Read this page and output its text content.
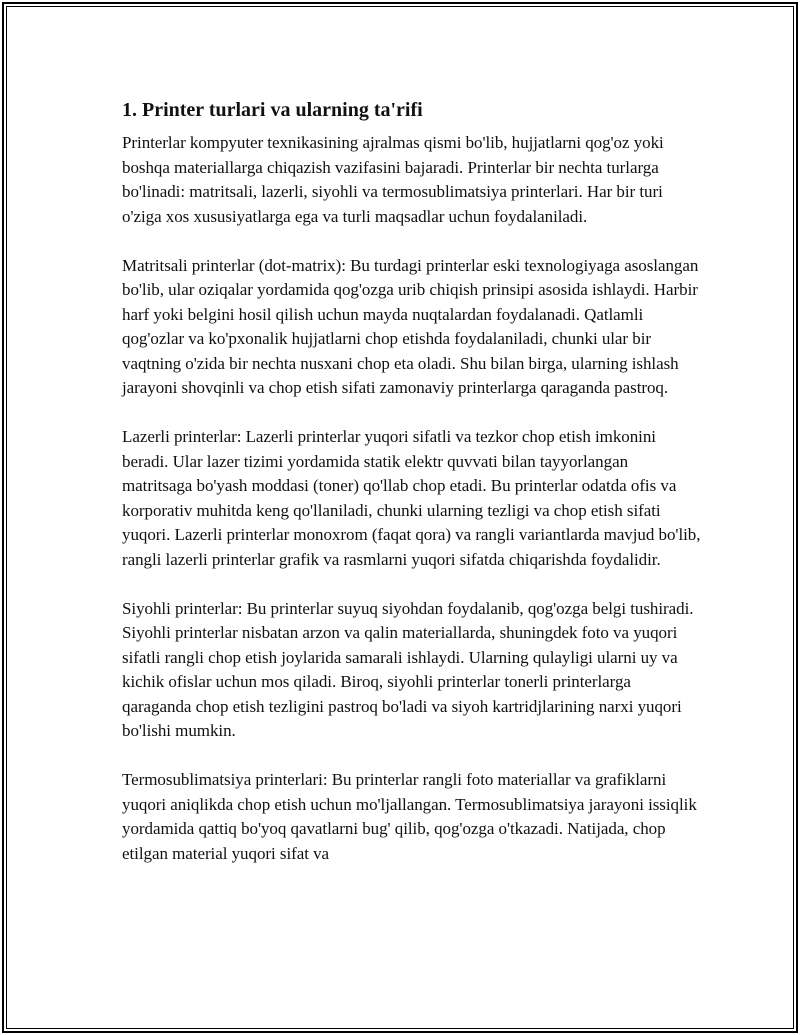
1. Printer turlari va ularning ta'rifi

Printerlar kompyuter texnikasining ajralmas qismi bo'lib, hujjatlarni qog'oz yoki boshqa materiallarga chiqazish vazifasini bajaradi. Printerlar bir nechta turlarga bo'linadi: matritsali, lazerli, siyohli va termosublimatsiya printerlari. Har bir turi o'ziga xos xususiyatlarga ega va turli maqsadlar uchun foydalaniladi.

Matritsali printerlar (dot-matrix): Bu turdagi printerlar eski texnologiyaga asoslangan bo'lib, ular oziqalar yordamida qog'ozga urib chiqish prinsipi asosida ishlaydi. Harbir harf yoki belgini hosil qilish uchun mayda nuqtalardan foydalanadi. Qatlamli qog'ozlar va ko'pxonalik hujjatlarni chop etishda foydalaniladi, chunki ular bir vaqtning o'zida bir nechta nusxani chop eta oladi. Shu bilan birga, ularning ishlash jarayoni shovqinli va chop etish sifati zamonaviy printerlarga qaraganda pastroq.

Lazerli printerlar: Lazerli printerlar yuqori sifatli va tezkor chop etish imkonini beradi. Ular lazer tizimi yordamida statik elektr quvvati bilan tayyorlangan matritsaga bo'yash moddasi (toner) qo'llab chop etadi. Bu printerlar odatda ofis va korporativ muhitda keng qo'llaniladi, chunki ularning tezligi va chop etish sifati yuqori. Lazerli printerlar monoxrom (faqat qora) va rangli variantlarda mavjud bo'lib, rangli lazerli printerlar grafik va rasmlarni yuqori sifatda chiqarishda foydalidir.

Siyohli printerlar: Bu printerlar suyuq siyohdan foydalanib, qog'ozga belgi tushiradi. Siyohli printerlar nisbatan arzon va qalin materiallarda, shuningdek foto va yuqori sifatli rangli chop etish joylarida samarali ishlaydi. Ularning qulayligi ularni uy va kichik ofislar uchun mos qiladi. Biroq, siyohli printerlar tonerli printerlarga qaraganda chop etish tezligini pastroq bo'ladi va siyoh kartridjlarining narxi yuqori bo'lishi mumkin.

Termosublimatsiya printerlari: Bu printerlar rangli foto materiallar va grafiklarni yuqori aniqlikda chop etish uchun mo'ljallangan. Termosublimatsiya jarayoni issiqlik yordamida qattiq bo'yoq qavatlarni bug' qilib, qog'ozga o'tkazadi. Natijada, chop etilgan material yuqori sifat va
